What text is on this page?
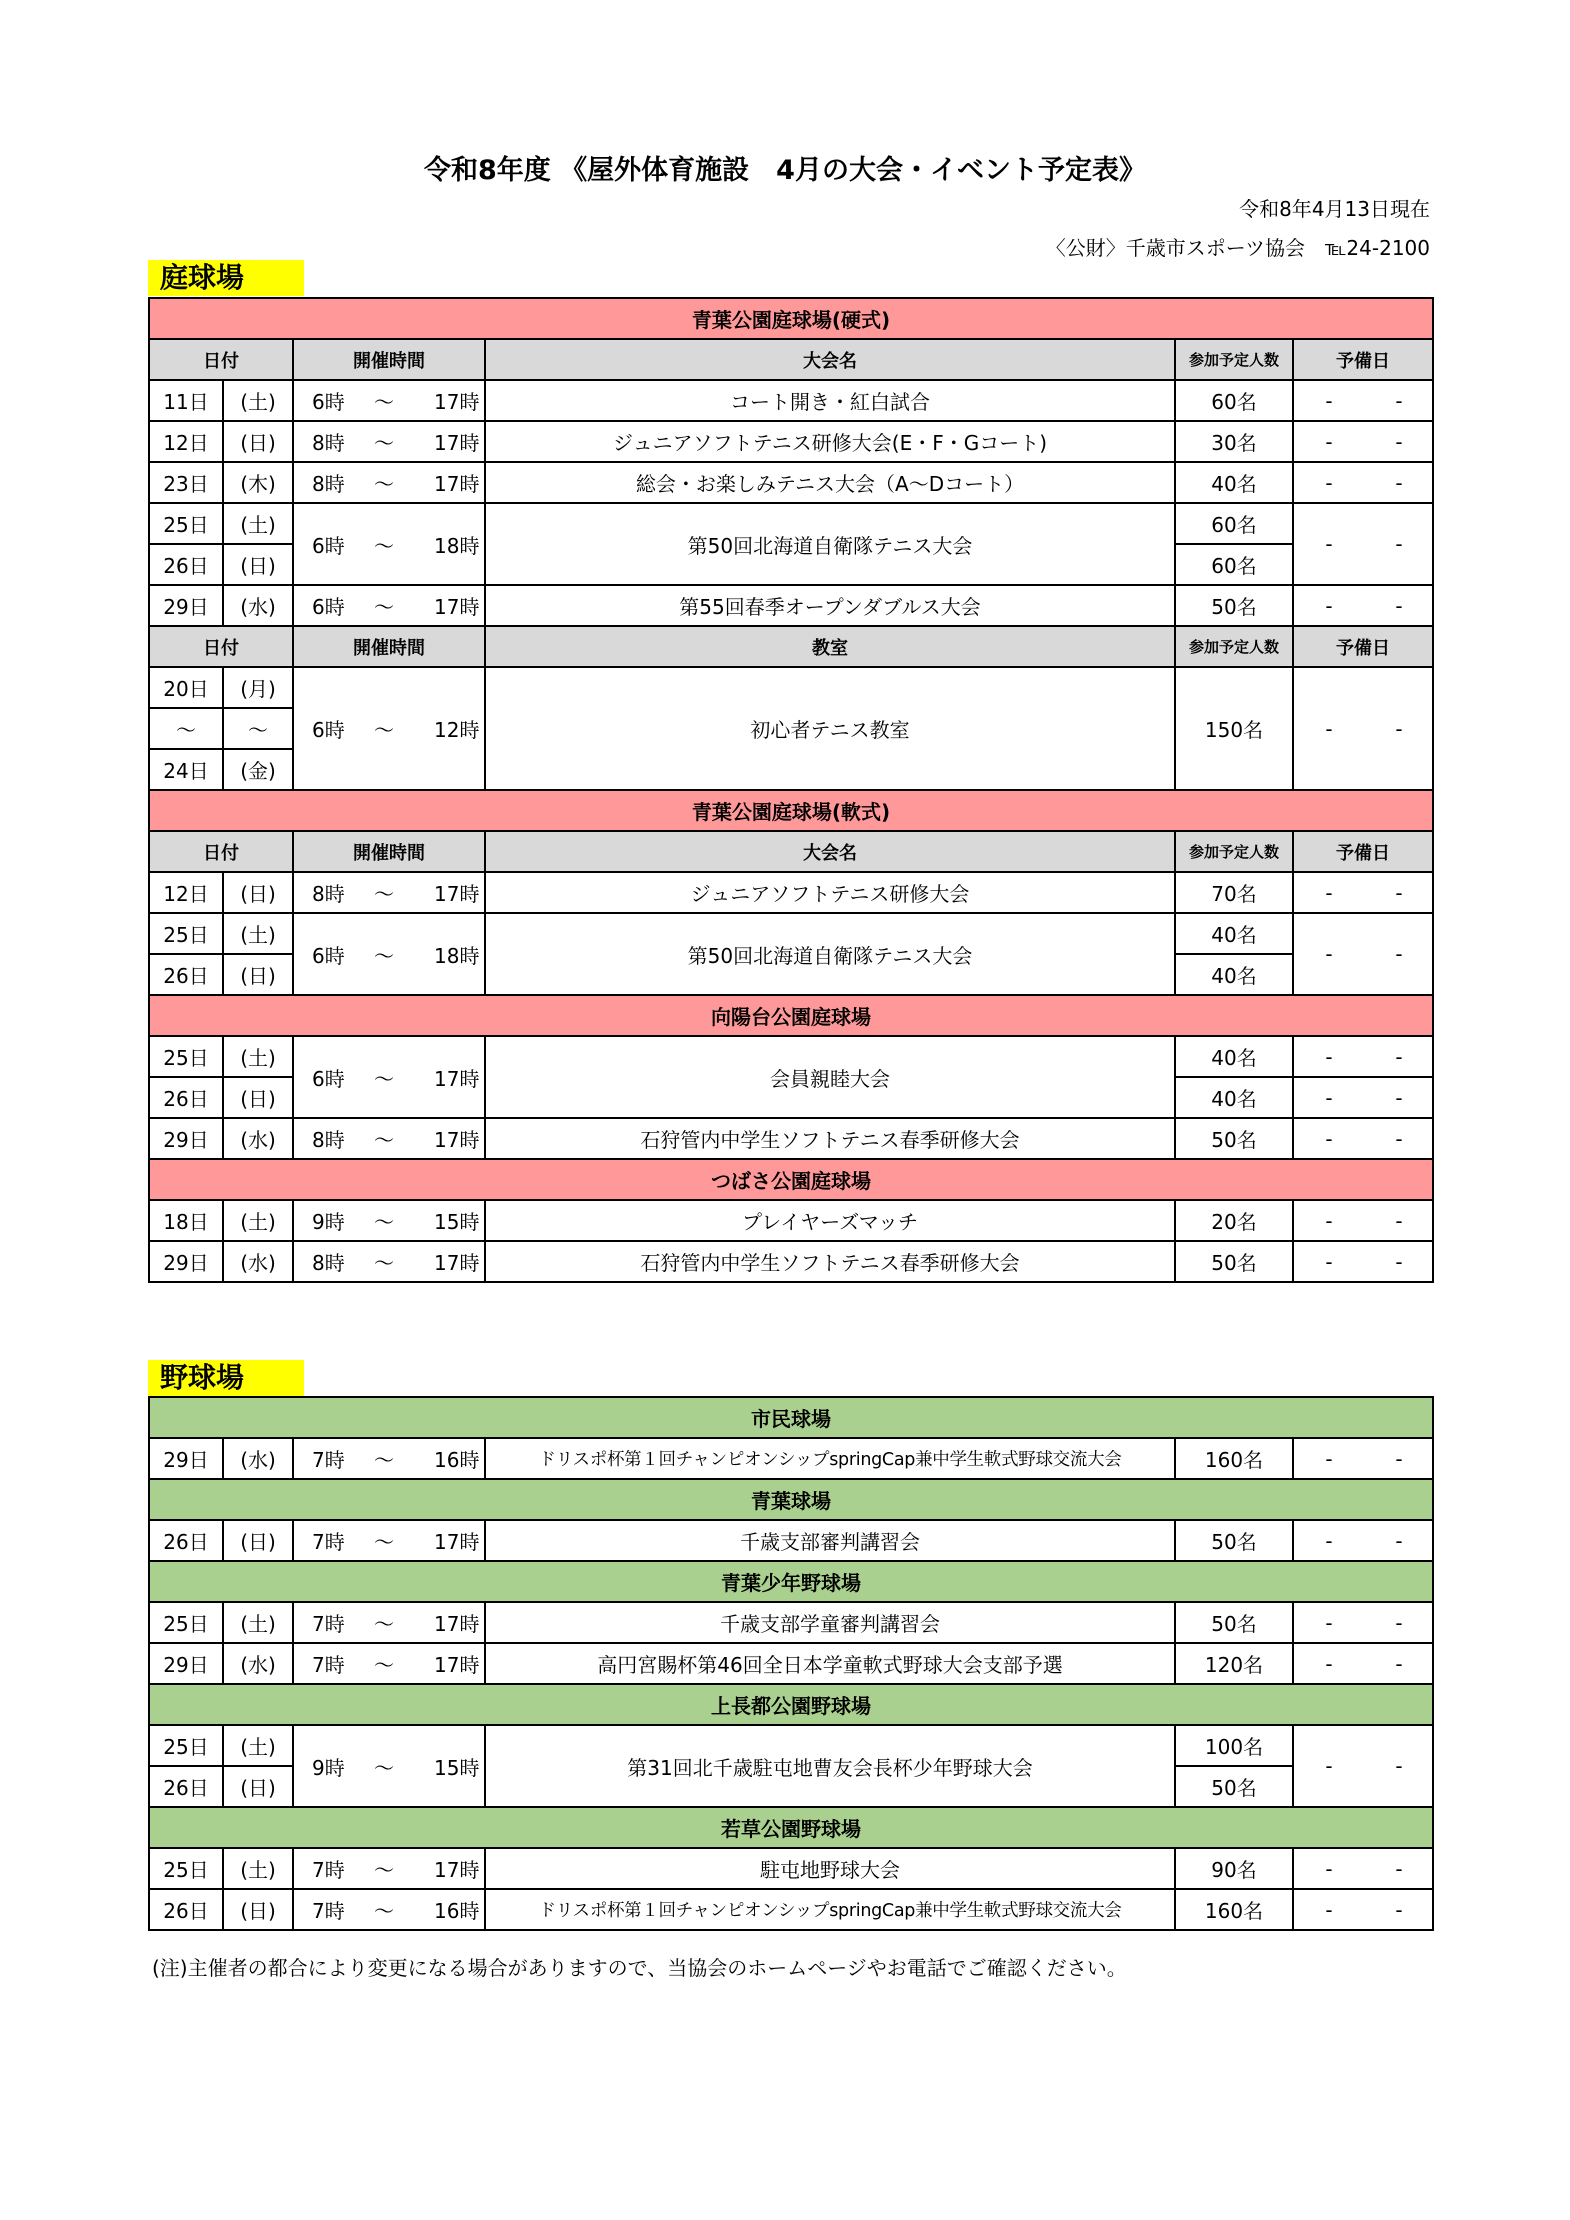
令和8年度 《屋外体育施設　4月の大会・イベント予定表》
令和8年4月13日現在
〈公財〉千歳市スポーツ協会　℡24-2100
庭球場
青葉公園庭球場(硬式)					
日付		開催時間	大会名	参加予定人数	予備日
11日	(土)	6時 ～ 17時	コート開き・紅白試合	60名	- -
12日	(日)	8時 ～ 17時	ジュニアソフトテニス研修大会(E・F・Gコート)	30名	- -
23日	(木)	8時 ～ 17時	総会・お楽しみテニス大会（A～Dコート）	40名	- -
25日	(土)	6時 ～ 18時	第50回北海道自衛隊テニス大会	60名	- -
26日	(日)			60名	
29日	(水)	6時 ～ 17時	第55回春季オープンダブルス大会	50名	- -
日付		開催時間	教室	参加予定人数	予備日
20日	(月)	6時 ～ 12時	初心者テニス教室	150名	- -
～	～				
24日	(金)				
青葉公園庭球場(軟式)					
日付		開催時間	大会名	参加予定人数	予備日
12日	(日)	8時 ～ 17時	ジュニアソフトテニス研修大会	70名	- -
25日	(土)	6時 ～ 18時	第50回北海道自衛隊テニス大会	40名	- -
26日	(日)			40名	
向陽台公園庭球場					
25日	(土)	6時 ～ 17時	会員親睦大会	40名	- -
26日	(日)			40名	- -
29日	(水)	8時 ～ 17時	石狩管内中学生ソフトテニス春季研修大会	50名	- -
つばさ公園庭球場					
18日	(土)	9時 ～ 15時	プレイヤーズマッチ	20名	- -
29日	(水)	8時 ～ 17時	石狩管内中学生ソフトテニス春季研修大会	50名	- -
野球場
市民球場					
29日	(水)	7時 ～ 16時	ドリスポ杯第１回チャンピオンシップspringCap兼中学生軟式野球交流大会	160名	- -
青葉球場					
26日	(日)	7時 ～ 17時	千歳支部審判講習会	50名	- -
青葉少年野球場					
25日	(土)	7時 ～ 17時	千歳支部学童審判講習会	50名	- -
29日	(水)	7時 ～ 17時	高円宮賜杯第46回全日本学童軟式野球大会支部予選	120名	- -
上長都公園野球場					
25日	(土)	9時 ～ 15時	第31回北千歳駐屯地曹友会長杯少年野球大会	100名	- -
26日	(日)			50名	
若草公園野球場					
25日	(土)	7時 ～ 17時	駐屯地野球大会	90名	- -
26日	(日)	7時 ～ 16時	ドリスポ杯第１回チャンピオンシップspringCap兼中学生軟式野球交流大会	160名	- -
(注)主催者の都合により変更になる場合がありますので、当協会のホームページやお電話でご確認ください。
